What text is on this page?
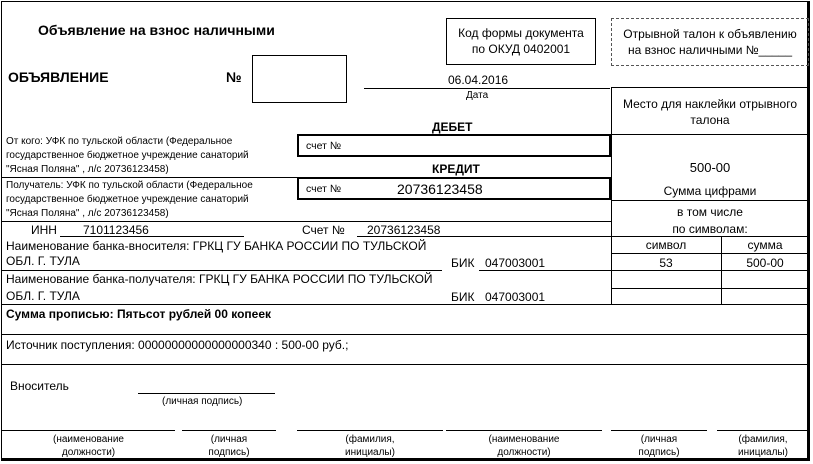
Объявление на взнос наличными	Код формы документа
по ОКУД 0402001
Отрывной талон к объявлению
на взнос наличными №_____
ОБЪЯВЛЕНИЕ	№	06.04.2016
Дата
Место для наклейки отрывного
талона
500-00
Сумма цифрами
в том числе
по символам:
символ	сумма
53	500-00
ДЕБЕТ
От кого: УФК по тульской области (Федеральное
государственное бюджетное учреждение санаторий
"Ясная Поляна" , л/с 20736123458)
счет №
КРЕДИТ
Получатель: УФК по тульской области (Федеральное
государственное бюджетное учреждение санаторий
"Ясная Поляна" , л/с 20736123458)
счет №	20736123458
ИНН 7101123456	Счет № 20736123458
Наименование банка-вносителя: ГРКЦ ГУ БАНКА РОССИИ ПО ТУЛЬСКОЙ
ОБЛ. Г. ТУЛА	БИК 047003001
Наименование банка-получателя: ГРКЦ ГУ БАНКА РОССИИ ПО ТУЛЬСКОЙ
ОБЛ. Г. ТУЛА	БИК 047003001
Сумма прописью: Пятьсот рублей 00 копеек
Источник поступления: 00000000000000000340 : 500-00 руб.;
Вноситель
(личная подпись)
(наименование
должности)
(личная
подпись)
(фамилия,
инициалы)
(наименование
должности)
(личная
подпись)
(фамилия,
инициалы)
